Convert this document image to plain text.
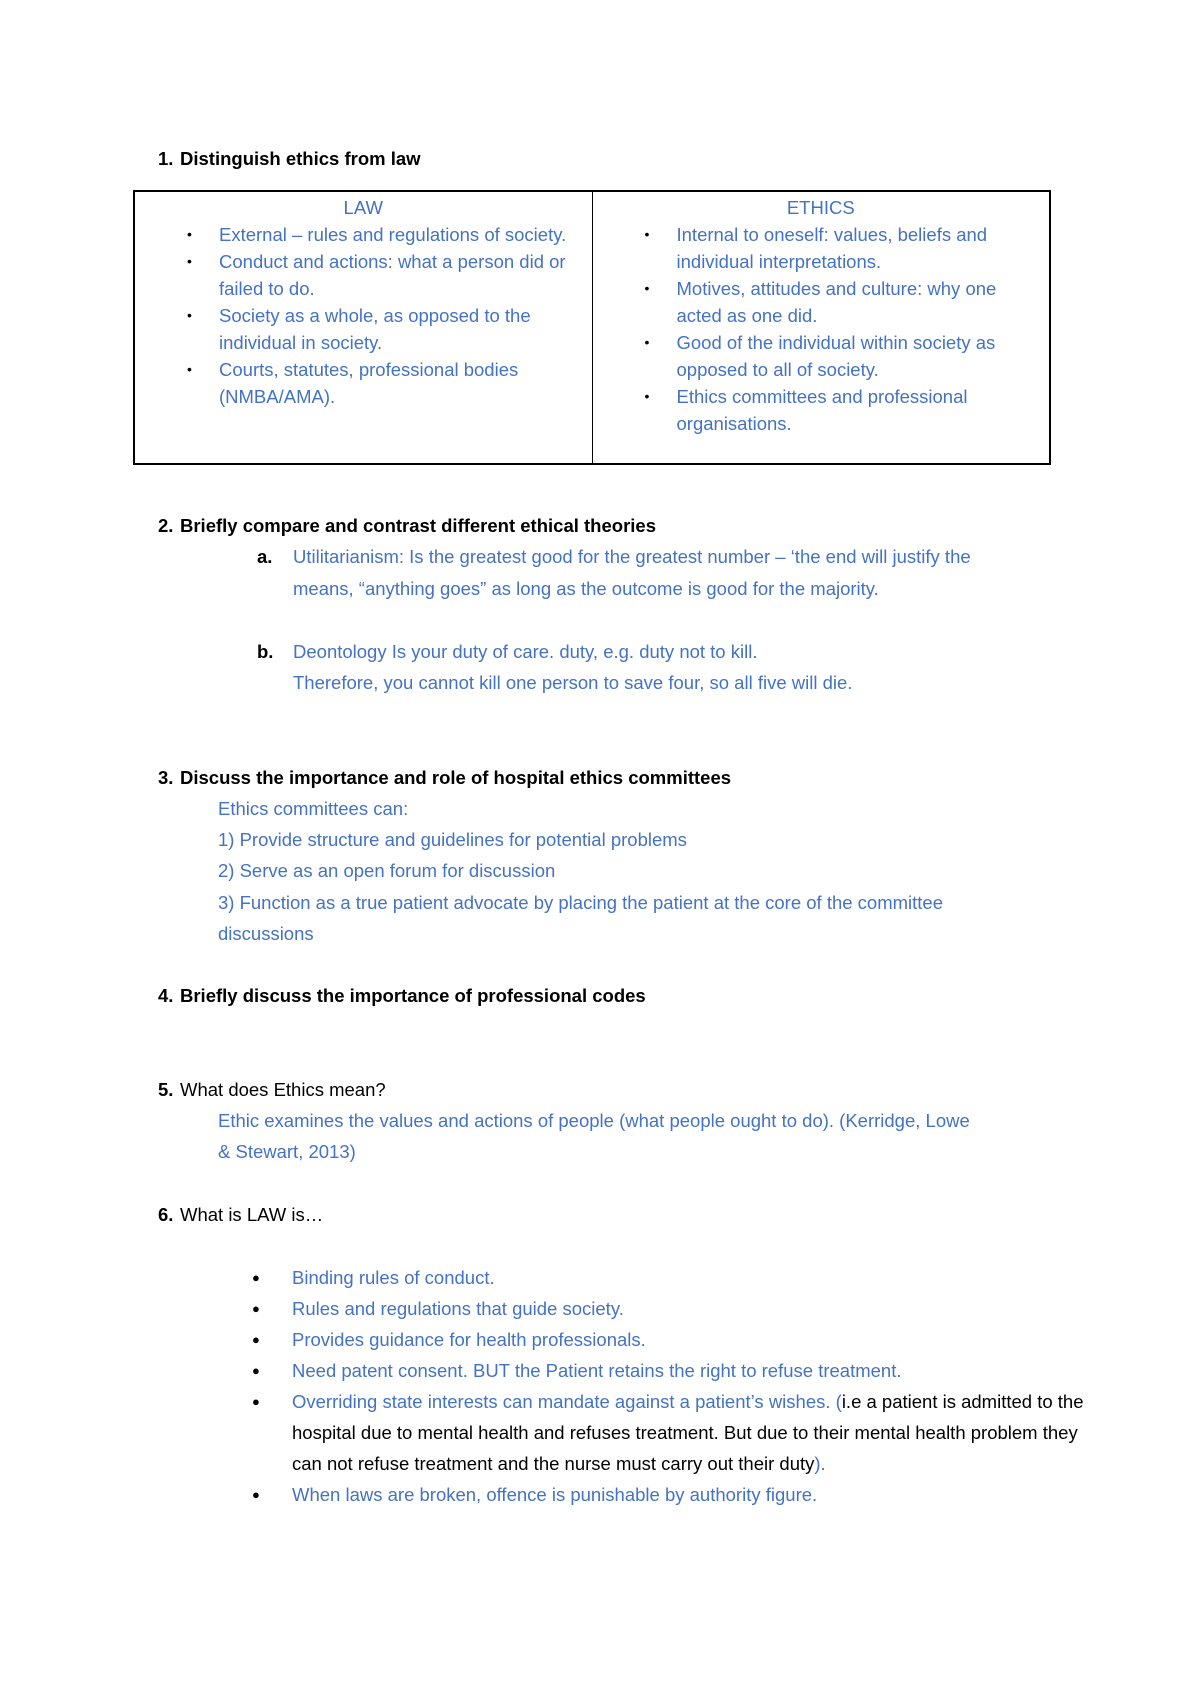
1. Distinguish ethics from law
LAW
• External – rules and regulations of society.
• Conduct and actions: what a person did or failed to do.
• Society as a whole, as opposed to the individual in society.
• Courts, statutes, professional bodies (NMBA/AMA).

ETHICS
• Internal to oneself: values, beliefs and individual interpretations.
• Motives, attitudes and culture: why one acted as one did.
• Good of the individual within society as opposed to all of society.
• Ethics committees and professional organisations.
2. Briefly compare and contrast different ethical theories
a. Utilitarianism: Is the greatest good for the greatest number – ‘the end will justify the
means, “anything goes” as long as the outcome is good for the majority.
b. Deontology Is your duty of care. duty, e.g. duty not to kill.
Therefore, you cannot kill one person to save four, so all five will die.
3. Discuss the importance and role of hospital ethics committees
Ethics committees can:
1) Provide structure and guidelines for potential problems
2) Serve as an open forum for discussion
3) Function as a true patient advocate by placing the patient at the core of the committee
discussions
4. Briefly discuss the importance of professional codes
5. What does Ethics mean?
Ethic examines the values and actions of people (what people ought to do). (Kerridge, Lowe
& Stewart, 2013)
6. What is LAW is…
● Binding rules of conduct.
● Rules and regulations that guide society.
● Provides guidance for health professionals.
● Need patent consent. BUT the Patient retains the right to refuse treatment.
● Overriding state interests can mandate against a patient’s wishes. (i.e a patient is admitted to the hospital due to mental health and refuses treatment. But due to their mental health problem they can not refuse treatment and the nurse must carry out their duty).
● When laws are broken, offence is punishable by authority figure.
